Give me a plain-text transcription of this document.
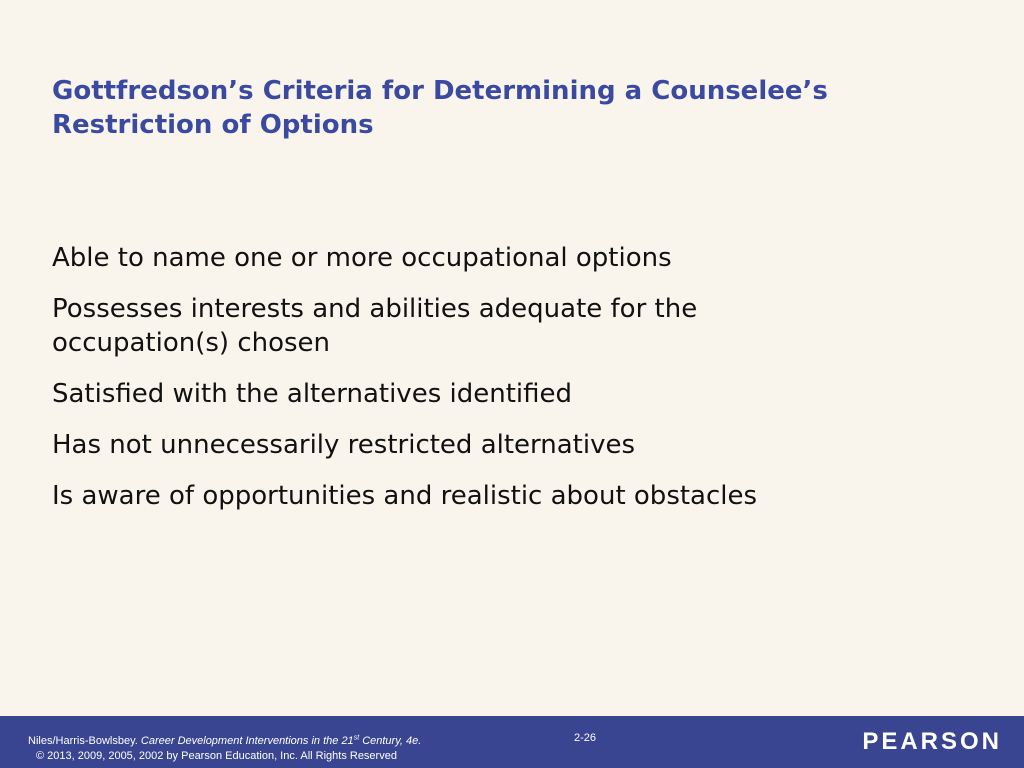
Gottfredson’s Criteria for Determining a Counselee’s
Restriction of Options
Able to name one or more occupational options
Possesses interests and abilities adequate for the
occupation(s) chosen
Satisfied with the alternatives identified
Has not unnecessarily restricted alternatives
Is aware of opportunities and realistic about obstacles
Niles/Harris-Bowlsbey. Career Development Interventions in the 21st Century, 4e.
© 2013, 2009, 2005, 2002 by Pearson Education, Inc. All Rights Reserved
2-26	PEARSON
